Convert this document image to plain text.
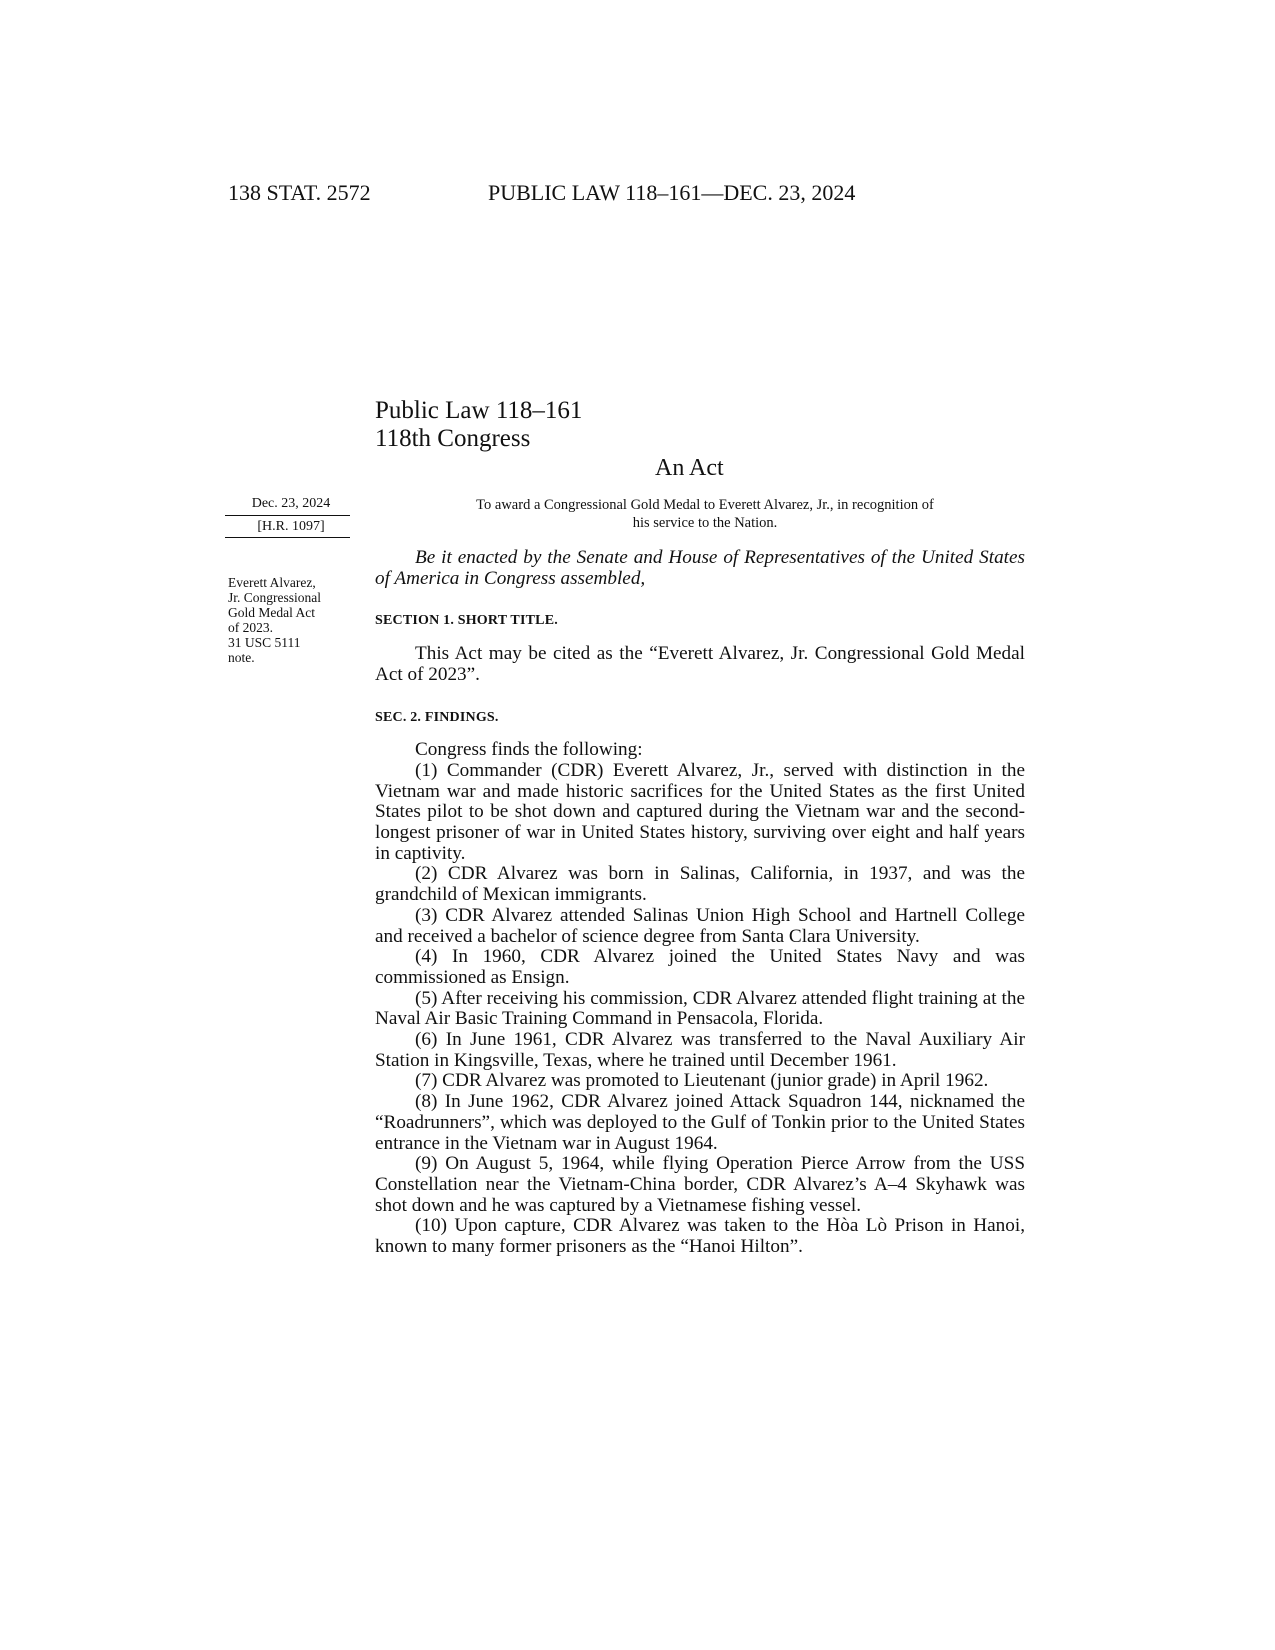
138 STAT. 2572	PUBLIC LAW 118–161—DEC. 23, 2024
Public Law 118–161
118th Congress
An Act
Dec. 23, 2024
[H.R. 1097]
To award a Congressional Gold Medal to Everett Alvarez, Jr., in recognition of
his service to the Nation.
Everett Alvarez,
Jr. Congressional
Gold Medal Act
of 2023.
31 USC 5111
note.

Be it enacted by the Senate and House of Representatives of the United States of America in Congress assembled,

SECTION 1. SHORT TITLE.

This Act may be cited as the “Everett Alvarez, Jr. Congressional Gold Medal Act of 2023”.

SEC. 2. FINDINGS.

Congress finds the following:

(1) Commander (CDR) Everett Alvarez, Jr., served with distinction in the Vietnam war and made historic sacrifices for the United States as the first United States pilot to be shot down and captured during the Vietnam war and the second-longest prisoner of war in United States history, surviving over eight and half years in captivity.

(2) CDR Alvarez was born in Salinas, California, in 1937, and was the grandchild of Mexican immigrants.

(3) CDR Alvarez attended Salinas Union High School and Hartnell College and received a bachelor of science degree from Santa Clara University.

(4) In 1960, CDR Alvarez joined the United States Navy and was commissioned as Ensign.

(5) After receiving his commission, CDR Alvarez attended flight training at the Naval Air Basic Training Command in Pensacola, Florida.

(6) In June 1961, CDR Alvarez was transferred to the Naval Auxiliary Air Station in Kingsville, Texas, where he trained until December 1961.

(7) CDR Alvarez was promoted to Lieutenant (junior grade) in April 1962.

(8) In June 1962, CDR Alvarez joined Attack Squadron 144, nicknamed the “Roadrunners”, which was deployed to the Gulf of Tonkin prior to the United States entrance in the Vietnam war in August 1964.

(9) On August 5, 1964, while flying Operation Pierce Arrow from the USS Constellation near the Vietnam-China border, CDR Alvarez’s A–4 Skyhawk was shot down and he was captured by a Vietnamese fishing vessel.

(10) Upon capture, CDR Alvarez was taken to the Hòa Lò Prison in Hanoi, known to many former prisoners as the “Hanoi Hilton”.
